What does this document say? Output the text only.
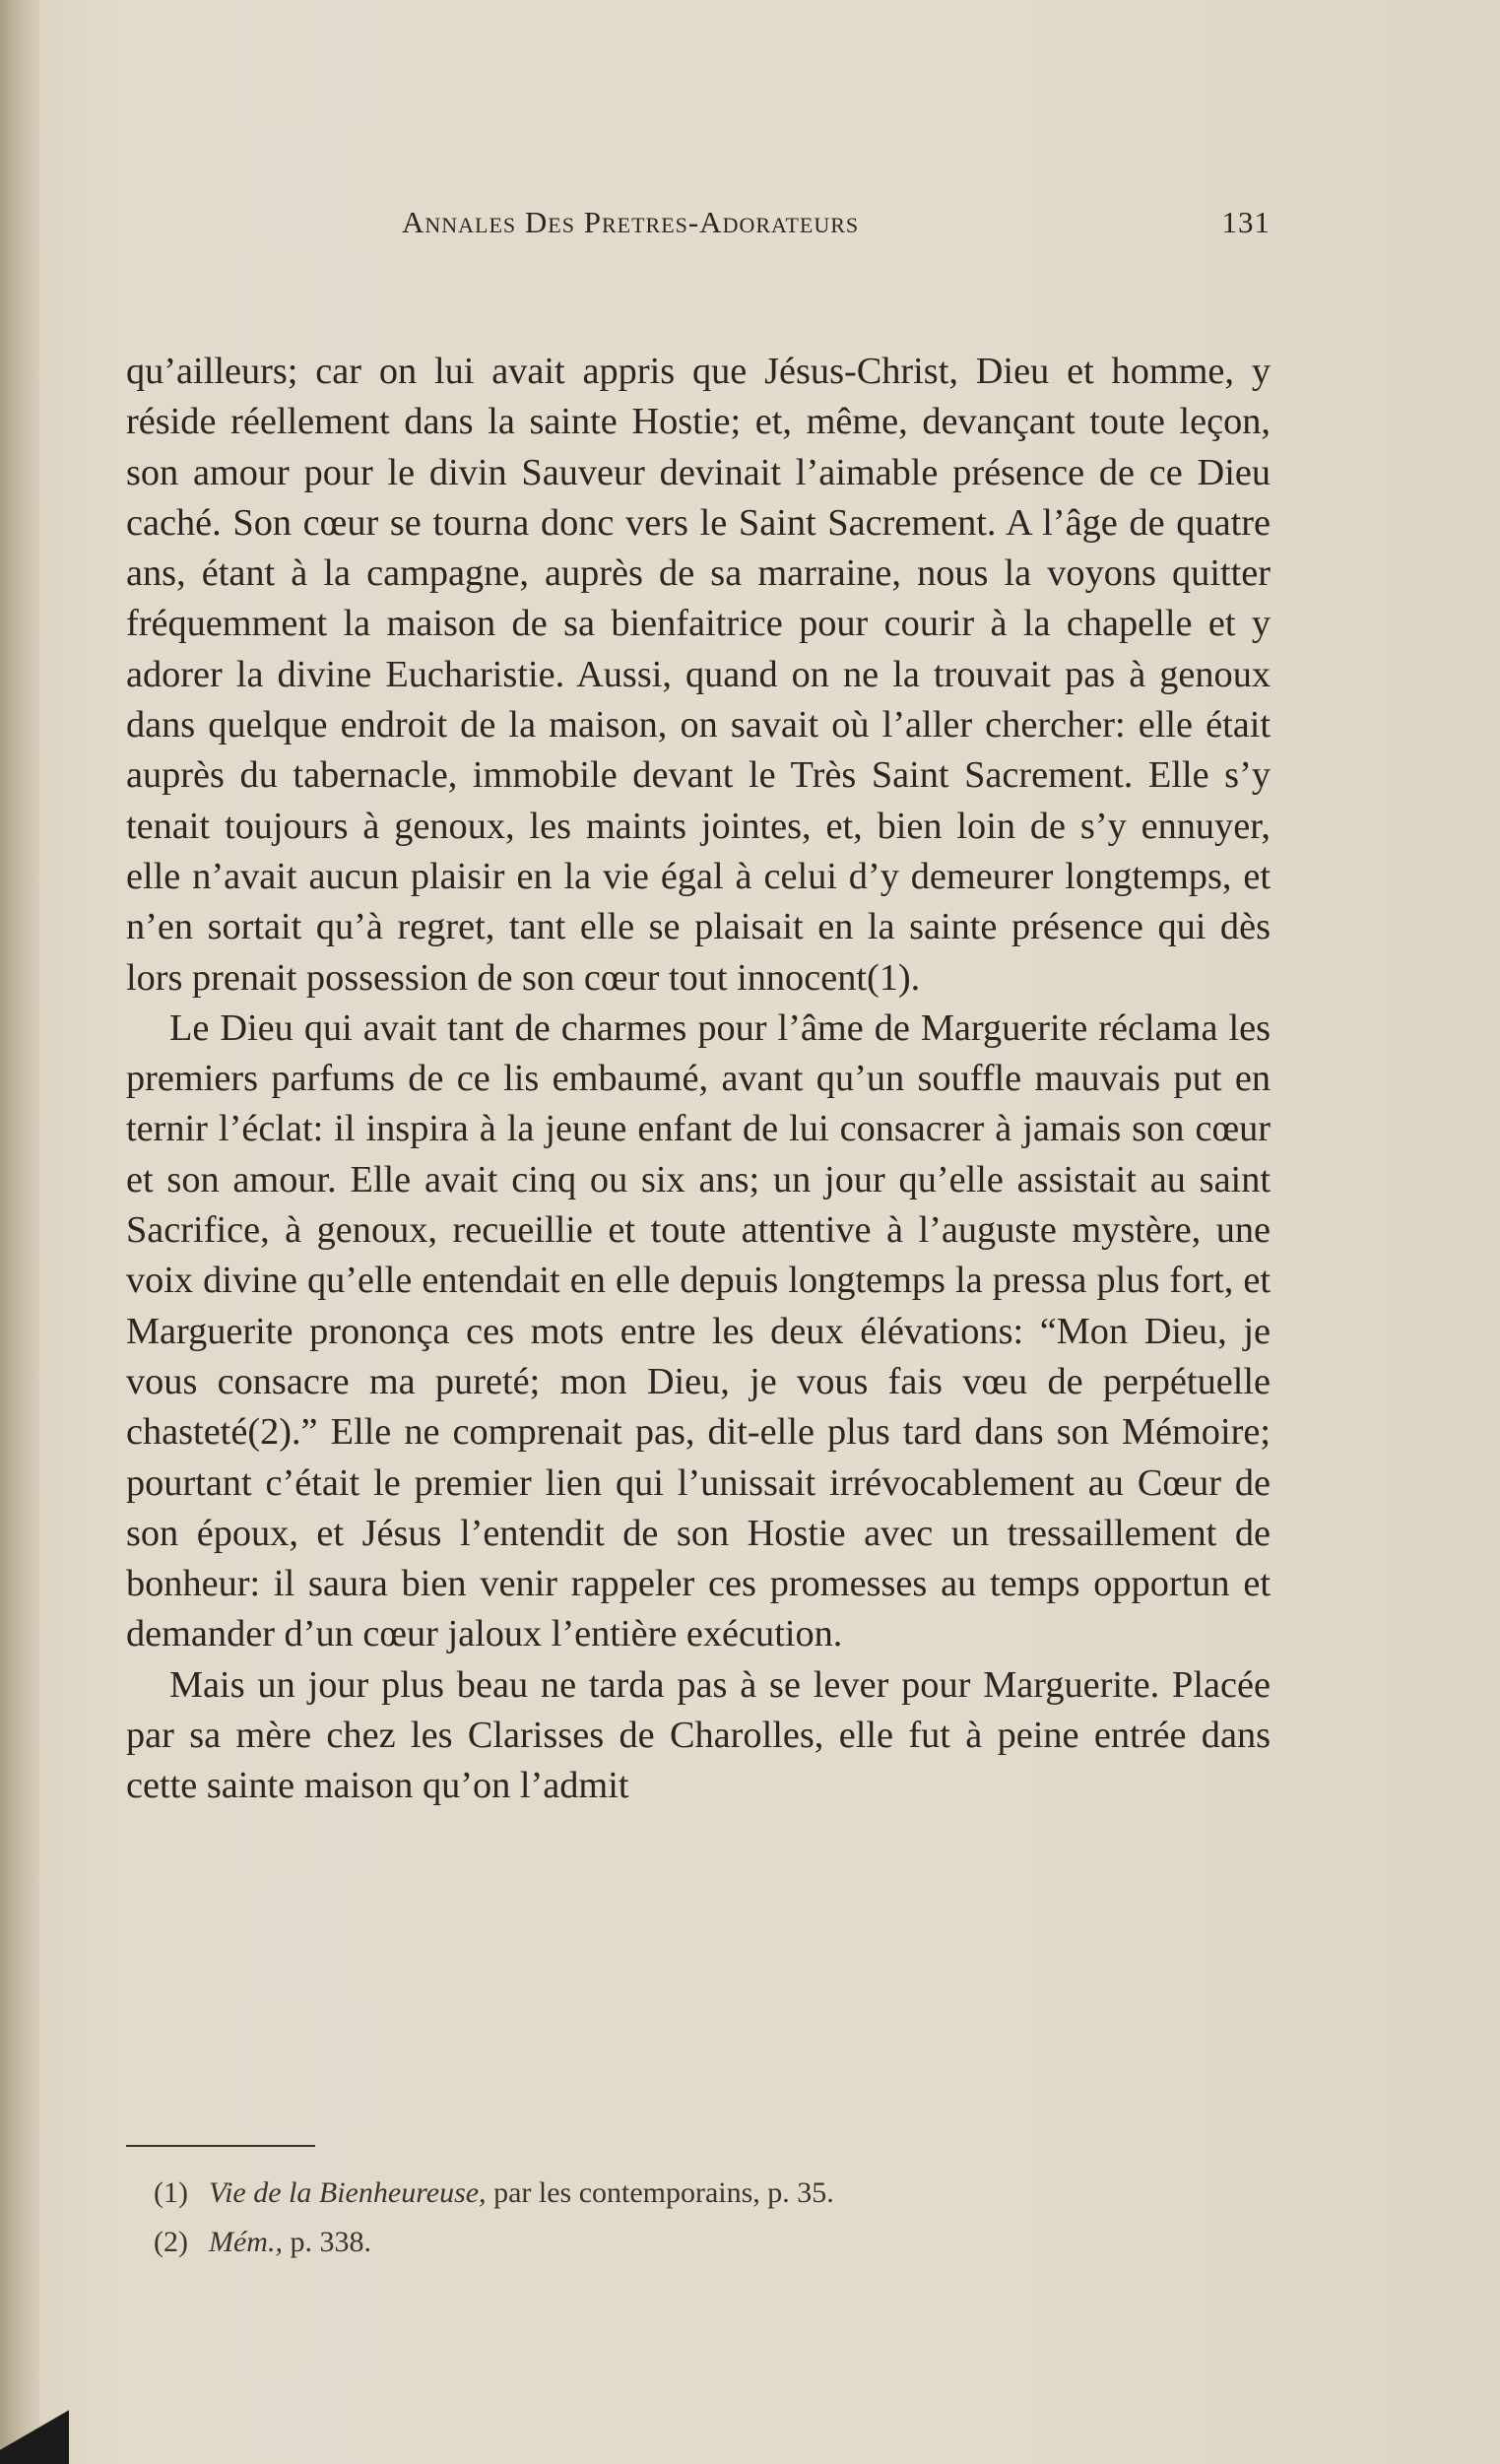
Annales Des Pretres-Adorateurs	131

qu’ailleurs; car on lui avait appris que Jésus-Christ, Dieu et homme, y réside réellement dans la sainte Hostie; et, même, devançant toute leçon, son amour pour le divin Sauveur devinait l’aimable présence de ce Dieu caché. Son cœur se tourna donc vers le Saint Sacrement. A l’âge de quatre ans, étant à la campagne, auprès de sa marraine, nous la voyons quitter fréquemment la maison de sa bienfaitrice pour courir à la chapelle et y adorer la divine Eucharistie. Aussi, quand on ne la trouvait pas à genoux dans quelque endroit de la maison, on savait où l’aller chercher: elle était auprès du tabernacle, immobile devant le Très Saint Sacrement. Elle s’y tenait toujours à genoux, les maints jointes, et, bien loin de s’y ennuyer, elle n’avait aucun plaisir en la vie égal à celui d’y demeurer longtemps, et n’en sortait qu’à regret, tant elle se plaisait en la sainte présence qui dès lors prenait possession de son cœur tout innocent(1).

Le Dieu qui avait tant de charmes pour l’âme de Marguerite réclama les premiers parfums de ce lis embaumé, avant qu’un souffle mauvais put en ternir l’éclat: il inspira à la jeune enfant de lui consacrer à jamais son cœur et son amour. Elle avait cinq ou six ans; un jour qu’elle assistait au saint Sacrifice, à genoux, recueillie et toute attentive à l’auguste mystère, une voix divine qu’elle entendait en elle depuis longtemps la pressa plus fort, et Marguerite prononça ces mots entre les deux élévations: “Mon Dieu, je vous consacre ma pureté; mon Dieu, je vous fais vœu de perpétuelle chasteté(2).” Elle ne comprenait pas, dit-elle plus tard dans son Mémoire; pourtant c’était le premier lien qui l’unissait irrévocablement au Cœur de son époux, et Jésus l’entendit de son Hostie avec un tressaillement de bonheur: il saura bien venir rappeler ces promesses au temps opportun et demander d’un cœur jaloux l’entière exécution.

Mais un jour plus beau ne tarda pas à se lever pour Marguerite. Placée par sa mère chez les Clarisses de Charolles, elle fut à peine entrée dans cette sainte maison qu’on l’admit

(1) Vie de la Bienheureuse, par les contemporains, p. 35.
(2) Mém., p. 338.
